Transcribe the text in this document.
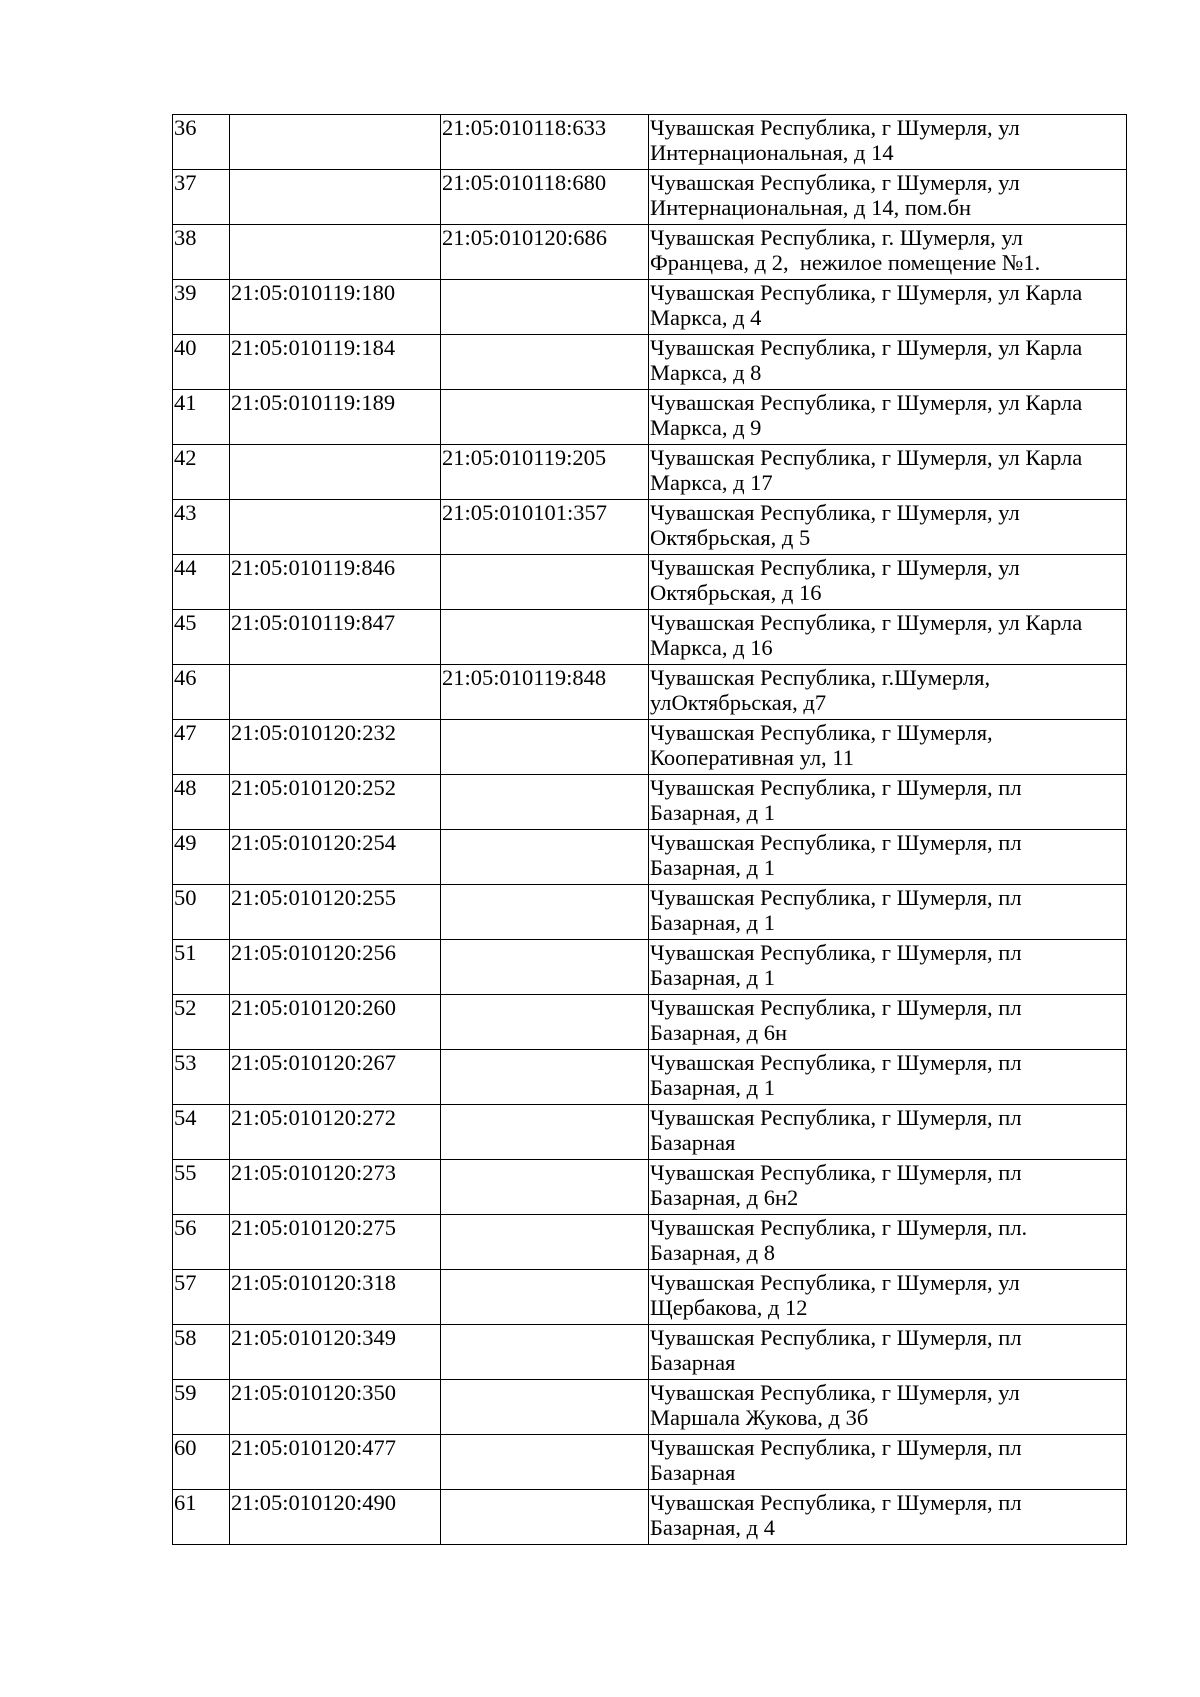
36		21:05:010118:633	Чувашская Республика, г Шумерля, ул
Интернациональная, д 14
37		21:05:010118:680	Чувашская Республика, г Шумерля, ул
Интернациональная, д 14, пом.бн
38		21:05:010120:686	Чувашская Республика, г. Шумерля, ул
Францева, д 2,  нежилое помещение №1.
39	21:05:010119:180		Чувашская Республика, г Шумерля, ул Карла
Маркса, д 4
40	21:05:010119:184		Чувашская Республика, г Шумерля, ул Карла
Маркса, д 8
41	21:05:010119:189		Чувашская Республика, г Шумерля, ул Карла
Маркса, д 9
42		21:05:010119:205	Чувашская Республика, г Шумерля, ул Карла
Маркса, д 17
43		21:05:010101:357	Чувашская Республика, г Шумерля, ул
Октябрьская, д 5
44	21:05:010119:846		Чувашская Республика, г Шумерля, ул
Октябрьская, д 16
45	21:05:010119:847		Чувашская Республика, г Шумерля, ул Карла
Маркса, д 16
46		21:05:010119:848	Чувашская Республика, г.Шумерля,
улОктябрьская, д7
47	21:05:010120:232		Чувашская Республика, г Шумерля,
Кооперативная ул, 11
48	21:05:010120:252		Чувашская Республика, г Шумерля, пл
Базарная, д 1
49	21:05:010120:254		Чувашская Республика, г Шумерля, пл
Базарная, д 1
50	21:05:010120:255		Чувашская Республика, г Шумерля, пл
Базарная, д 1
51	21:05:010120:256		Чувашская Республика, г Шумерля, пл
Базарная, д 1
52	21:05:010120:260		Чувашская Республика, г Шумерля, пл
Базарная, д 6н
53	21:05:010120:267		Чувашская Республика, г Шумерля, пл
Базарная, д 1
54	21:05:010120:272		Чувашская Республика, г Шумерля, пл
Базарная
55	21:05:010120:273		Чувашская Республика, г Шумерля, пл
Базарная, д 6н2
56	21:05:010120:275		Чувашская Республика, г Шумерля, пл.
Базарная, д 8
57	21:05:010120:318		Чувашская Республика, г Шумерля, ул
Щербакова, д 12
58	21:05:010120:349		Чувашская Республика, г Шумерля, пл
Базарная
59	21:05:010120:350		Чувашская Республика, г Шумерля, ул
Маршала Жукова, д 3б
60	21:05:010120:477		Чувашская Республика, г Шумерля, пл
Базарная
61	21:05:010120:490		Чувашская Республика, г Шумерля, пл
Базарная, д 4
